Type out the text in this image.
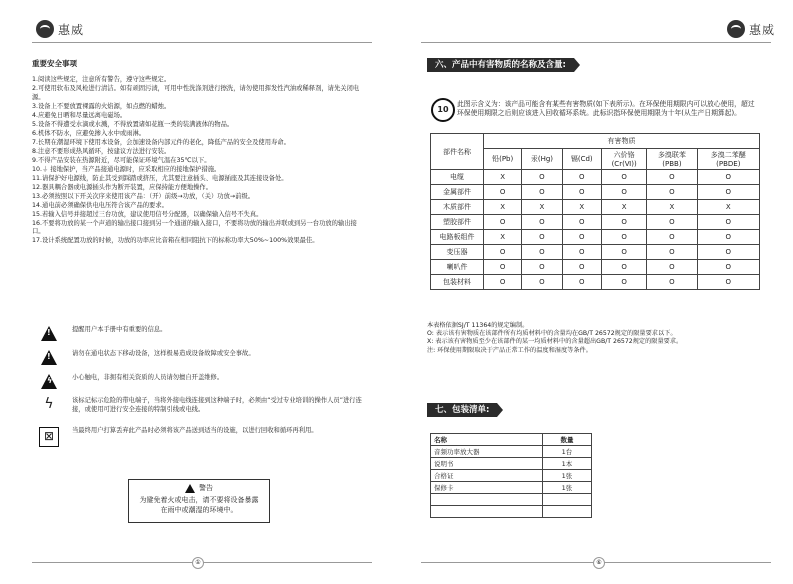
惠威
重要安全事项
1.阅读这些规定，注意所有警告，遵守这些规定。
2.可使用软布及风枪进行清洁。如有顽固污渍，可用中性洗涤剂进行擦洗，请勿使用挥发性汽油或稀释剂，请先关闭电源。
3.设备上不要放置裸露的火焰源，如点燃的蜡烛。
4.应避免日晒和尽量远离电磁场。
5.设备不得遭受水滴或水溅，不得放置诸如花瓶一类的装满液体的物品。
6.机体不防水，应避免掺入水中或雨淋。
7.长期在潮湿环境下使用本设备，会加速设备内部元件的老化，降低产品的安全及使用寿命。
8.注意不要形成热风循环，按建议方法进行安装。
9.不得产品安装在热源附近，尽可能保证环境气温在35℃以下。
10.⏚ 接地保护，当产品接通电源时，应采取相应的接地保护措施。
11.请保护好电源线，防止其受到踩踏或挤压，尤其要注意插头、电源插座及其连接设备处。
12.器具耦合器或电源插头作为断开装置，应保持能方便地操作。
13.必须按照以下开关次序来使用该产品：（开）前级→功放，（关）功放→前级。
14.通电前必须确保供电电压符合该产品的要求。
15.若输入信号并接超过三台功放，建议使用信号分配器，以确保输入信号不失真。
16.不要将功放的某一个声道的输出接口接到另一个通道的输入接口，不要将功放的输出并联或到另一台功放的输出接口。
17.设计系统配置功放的时候，功放的功率应比音箱在相同阻抗下的标称功率大50%~100%效果最佳。
!	提醒用户本手册中有重要的信息。
!	请勿在通电状态下移动设备，这样极易造成设备故障或安全事故。
ϟ	小心触电，非拥有相关资质的人员请勿擅自开盖维修。
ϟ	该标记标示危险的带电端子，当将外接电线连接到这种端子时，必须由“受过专业培训的操作人员”进行连接，或使用可进行安全连接的特制引线或电线。
⊠	当最终用户打算丢弃此产品时必须将该产品送到适当的设施，以进行回收和循环再利用。
警告
为避免着火或电击，请不要将设备暴露在雨中或潮湿的环境中。
①
惠威
六、产品中有害物质的名称及含量:
10
此图示含义为：该产品可能含有某些有害物质(如下表所示)。在环保使用期限内可以放心使用，超过环保使用期限之后则应该进入回收循环系统。此标识指环保使用期限为十年(从生产日期算起)。
部件名称	有害物质					
	铅(Pb)	汞(Hg)	镉(Cd)	六价铬
(Cr(Ⅵ))	多溴联苯
(PBB)	多溴二苯醚
(PBDE)
电缆	X	O	O	O	O	O
金属部件	O	O	O	O	O	O
木质部件	X	X	X	X	X	X
塑胶部件	O	O	O	O	O	O
电路板组件	X	O	O	O	O	O
变压器	O	O	O	O	O	O
喇叭件	O	O	O	O	O	O
包装材料	O	O	O	O	O	O
本表格依据SJ/T 11364的规定编制。
O: 表示该有害物质在该部件所有均质材料中的含量均在GB/T 26572规定的限量要求以下。
X: 表示该有害物质至少在该部件的某一均质材料中的含量超出GB/T 26572规定的限量要求。
注: 环保使用期限取决于产品正常工作的温度和湿度等条件。
七、包装清单:
名称	数量
音频功率放大器	1台
说明书	1本
合格证	1张
保修卡	1张

⑥
